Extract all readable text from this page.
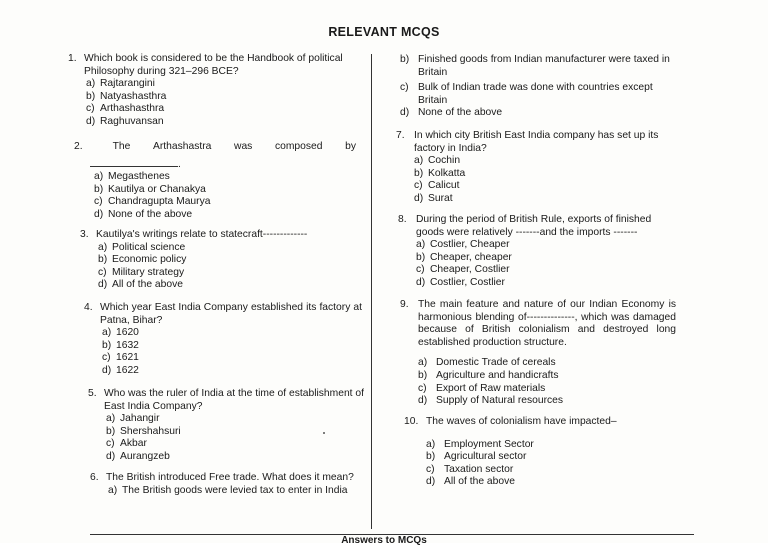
RELEVANT MCQS
1. Which book is considered to be the Handbook of political Philosophy during 321–296 BCE?
a) Rajtarangini
b) Natyashasthra
c) Arthashasthra
d) Raghuvansan
2.	The Arthashastra was composed by
.
a) Megasthenes
b) Kautilya or Chanakya
c) Chandragupta Maurya
d) None of the above
3. Kautilya's writings relate to statecraft-------------
a) Political science
b) Economic policy
c) Military strategy
d) All of the above
4. Which year East India Company established its factory at Patna, Bihar?
a) 1620
b) 1632
c) 1621
d) 1622
5. Who was the ruler of India at the time of establishment of East India Company?
a) Jahangir
b) Shershahsuri
c) Akbar
d) Aurangzeb
6. The British introduced Free trade. What does it mean?
a) The British goods were levied tax to enter in India
b) Finished goods from Indian manufacturer were taxed in Britain
c) Bulk of Indian trade was done with countries except Britain
d) None of the above
7. In which city British East India company has set up its factory in India?
a) Cochin
b) Kolkatta
c) Calicut
d) Surat
8. During the period of British Rule, exports of finished goods were relatively -------and the imports -------
a) Costlier, Cheaper
b) Cheaper, cheaper
c) Cheaper, Costlier
d) Costlier, Costlier
9. The main feature and nature of our Indian Economy is harmonious blending of--------------, which was damaged because of British colonialism and destroyed long established production structure.
a) Domestic Trade of cereals
b) Agriculture and handicrafts
c) Export of Raw materials
d) Supply of Natural resources
10. The waves of colonialism have impacted–
a) Employment Sector
b) Agricultural sector
c) Taxation sector
d) All of the above
Answers to MCQs
